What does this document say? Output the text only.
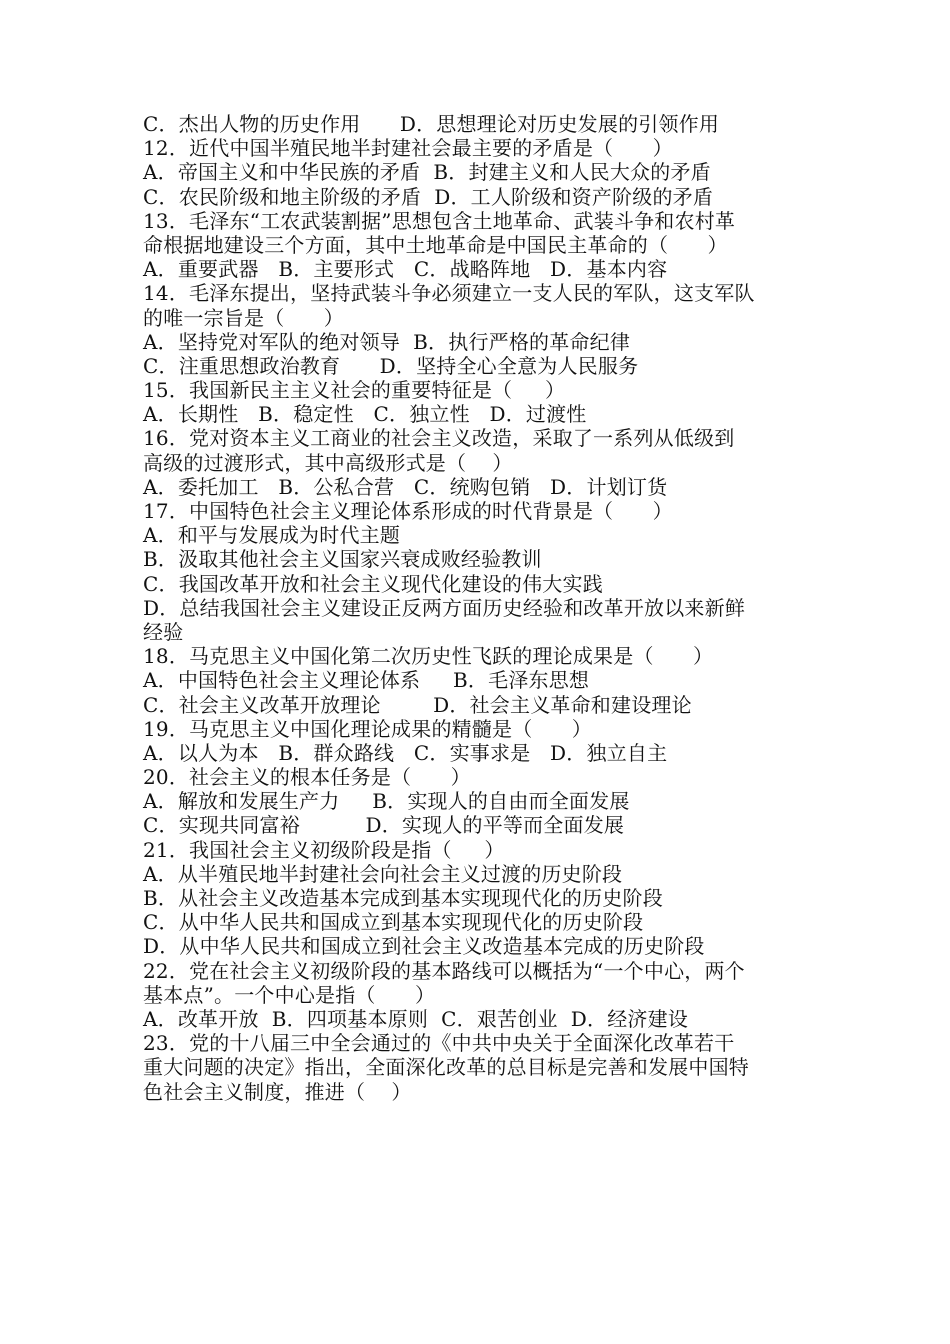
C．杰出人物的历史作用      D．思想理论对历史发展的引领作用
12．近代中国半殖民地半封建社会最主要的矛盾是（      ）
A．帝国主义和中华民族的矛盾  B．封建主义和人民大众的矛盾
C．农民阶级和地主阶级的矛盾  D．工人阶级和资产阶级的矛盾
13．毛泽东“工农武装割据”思想包含土地革命、武装斗争和农村革
命根据地建设三个方面，其中土地革命是中国民主革命的（      ）
A．重要武器   B．主要形式   C．战略阵地   D．基本内容
14．毛泽东提出，坚持武装斗争必须建立一支人民的军队，这支军队
的唯一宗旨是（      ）
A．坚持党对军队的绝对领导  B．执行严格的革命纪律
C．注重思想政治教育      D．坚持全心全意为人民服务
15．我国新民主主义社会的重要特征是（     ）
A．长期性   B．稳定性   C．独立性   D．过渡性
16．党对资本主义工商业的社会主义改造，采取了一系列从低级到
高级的过渡形式，其中高级形式是（    ）
A．委托加工   B．公私合营   C．统购包销   D．计划订货
17．中国特色社会主义理论体系形成的时代背景是（      ）
A．和平与发展成为时代主题
B．汲取其他社会主义国家兴衰成败经验教训
C．我国改革开放和社会主义现代化建设的伟大实践
D．总结我国社会主义建设正反两方面历史经验和改革开放以来新鲜
经验
18．马克思主义中国化第二次历史性飞跃的理论成果是（      ）
A．中国特色社会主义理论体系     B．毛泽东思想
C．社会主义改革开放理论        D．社会主义革命和建设理论
19．马克思主义中国化理论成果的精髓是（      ）
A．以人为本   B．群众路线   C．实事求是   D．独立自主
20．社会主义的根本任务是（      ）
A．解放和发展生产力     B．实现人的自由而全面发展
C．实现共同富裕          D．实现人的平等而全面发展
21．我国社会主义初级阶段是指（     ）
A．从半殖民地半封建社会向社会主义过渡的历史阶段
B．从社会主义改造基本完成到基本实现现代化的历史阶段
C．从中华人民共和国成立到基本实现现代化的历史阶段
D．从中华人民共和国成立到社会主义改造基本完成的历史阶段
22．党在社会主义初级阶段的基本路线可以概括为“一个中心，两个
基本点”。一个中心是指（      ）
A．改革开放  B．四项基本原则  C．艰苦创业  D．经济建设
23．党的十八届三中全会通过的《中共中央关于全面深化改革若干
重大问题的决定》指出，全面深化改革的总目标是完善和发展中国特
色社会主义制度，推进（    ）
